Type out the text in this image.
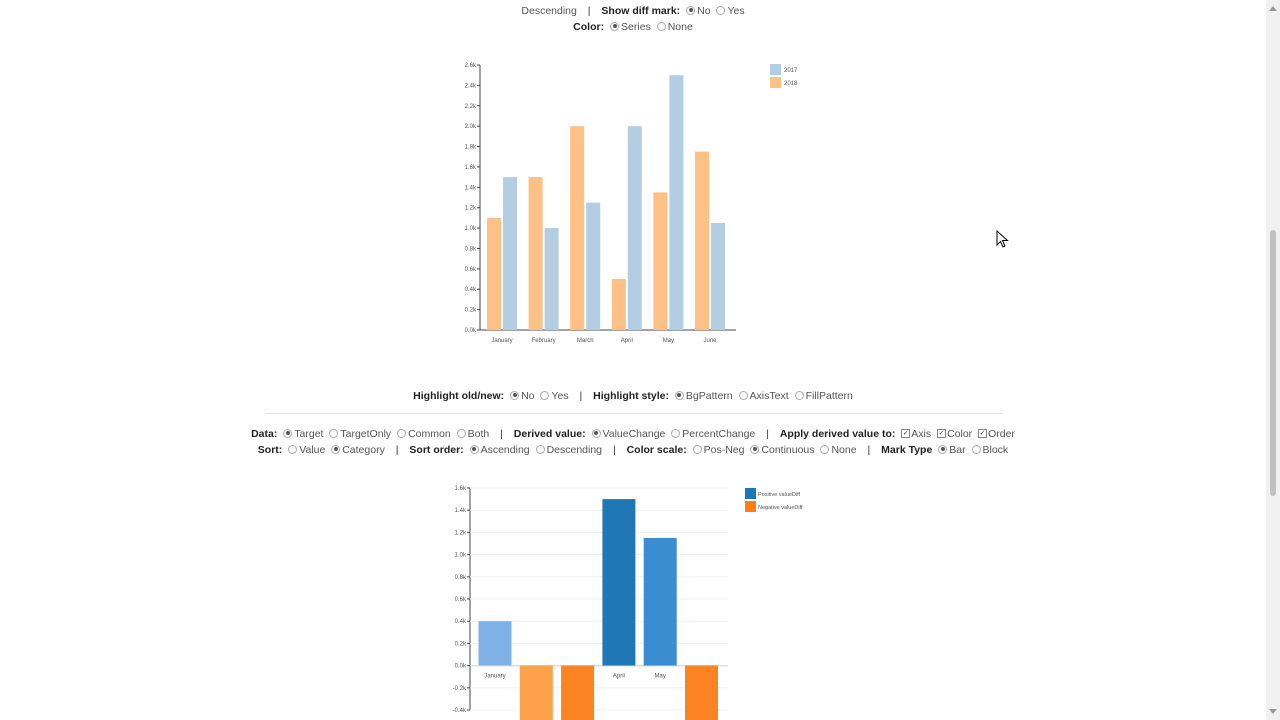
Descending | Show diff mark: No Yes
Color: Series None
0.0k
0.2k
0.4k
0.6k
0.8k
1.0k
1.2k
1.4k
1.6k
1.8k
2.0k
2.2k
2.4k
2.6k
January	February	March	April	May	June
2017
2018
Highlight old/new: No Yes | Highlight style: BgPattern AxisText FillPattern
Data: Target TargetOnly Common Both | Derived value: ValueChange PercentChange | Apply derived value to: ✓ Axis ✓ Color ✓ Order
Sort: Value Category | Sort order: Ascending Descending | Color scale: Pos-Neg Continuous None | Mark Type Bar Block
-0.4k
-0.2k
0.0k
0.2k
0.4k
0.6k
0.8k
1.0k
1.2k
1.4k
1.6k
January	April	May
Positive valueDiff
Negative valueDiff
